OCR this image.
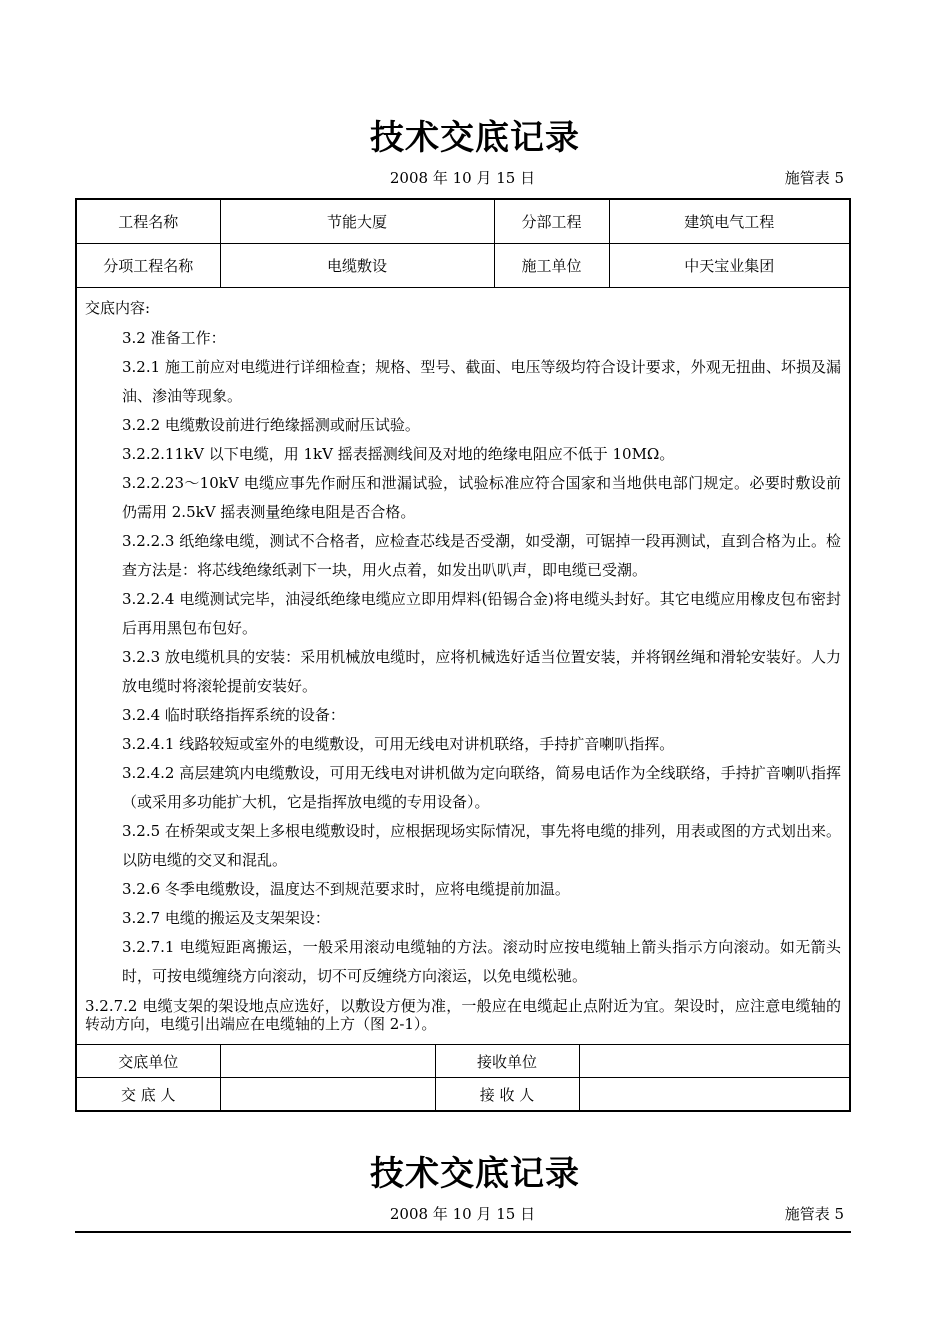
技术交底记录
2008 年 10 月 15 日	施管表 5
工程名称	节能大厦	分部工程	建筑电气工程
分项工程名称	电缆敷设	施工单位	中天宝业集团
交底内容:

3.2 准备工作：

3.2.1 施工前应对电缆进行详细检查；规格、型号、截面、电压等级均符合设计要求，外观无扭曲、坏损及漏油、渗油等现象。

3.2.2 电缆敷设前进行绝缘摇测或耐压试验。

3.2.2.11kV 以下电缆，用 1kV 摇表摇测线间及对地的绝缘电阻应不低于 10MΩ。

3.2.2.23～10kV 电缆应事先作耐压和泄漏试验，试验标准应符合国家和当地供电部门规定。必要时敷设前仍需用 2.5kV 摇表测量绝缘电阻是否合格。

3.2.2.3 纸绝缘电缆，测试不合格者，应检查芯线是否受潮，如受潮，可锯掉一段再测试，直到合格为止。检查方法是：将芯线绝缘纸剥下一块，用火点着，如发出叭叭声，即电缆已受潮。

3.2.2.4 电缆测试完毕，油浸纸绝缘电缆应立即用焊料(铅锡合金)将电缆头封好。其它电缆应用橡皮包布密封后再用黑包布包好。

3.2.3 放电缆机具的安装：采用机械放电缆时，应将机械选好适当位置安装，并将钢丝绳和滑轮安装好。人力放电缆时将滚轮提前安装好。

3.2.4 临时联络指挥系统的设备：

3.2.4.1 线路较短或室外的电缆敷设，可用无线电对讲机联络，手持扩音喇叭指挥。

3.2.4.2 高层建筑内电缆敷设，可用无线电对讲机做为定向联络，简易电话作为全线联络，手持扩音喇叭指挥（或采用多功能扩大机，它是指挥放电缆的专用设备）。

3.2.5 在桥架或支架上多根电缆敷设时，应根据现场实际情况，事先将电缆的排列，用表或图的方式划出来。以防电缆的交叉和混乱。

3.2.6 冬季电缆敷设，温度达不到规范要求时，应将电缆提前加温。

3.2.7 电缆的搬运及支架架设：

3.2.7.1 电缆短距离搬运，一般采用滚动电缆轴的方法。滚动时应按电缆轴上箭头指示方向滚动。如无箭头时，可按电缆缠绕方向滚动，切不可反缠绕方向滚运，以免电缆松驰。

3.2.7.2 电缆支架的架设地点应选好，以敷设方便为准，一般应在电缆起止点附近为宜。架设时，应注意电缆轴的转动方向，电缆引出端应在电缆轴的上方（图 2-1）。

交底单位		接收单位	
交 底 人		接 收 人	
技术交底记录
2008 年 10 月 15 日	施管表 5
